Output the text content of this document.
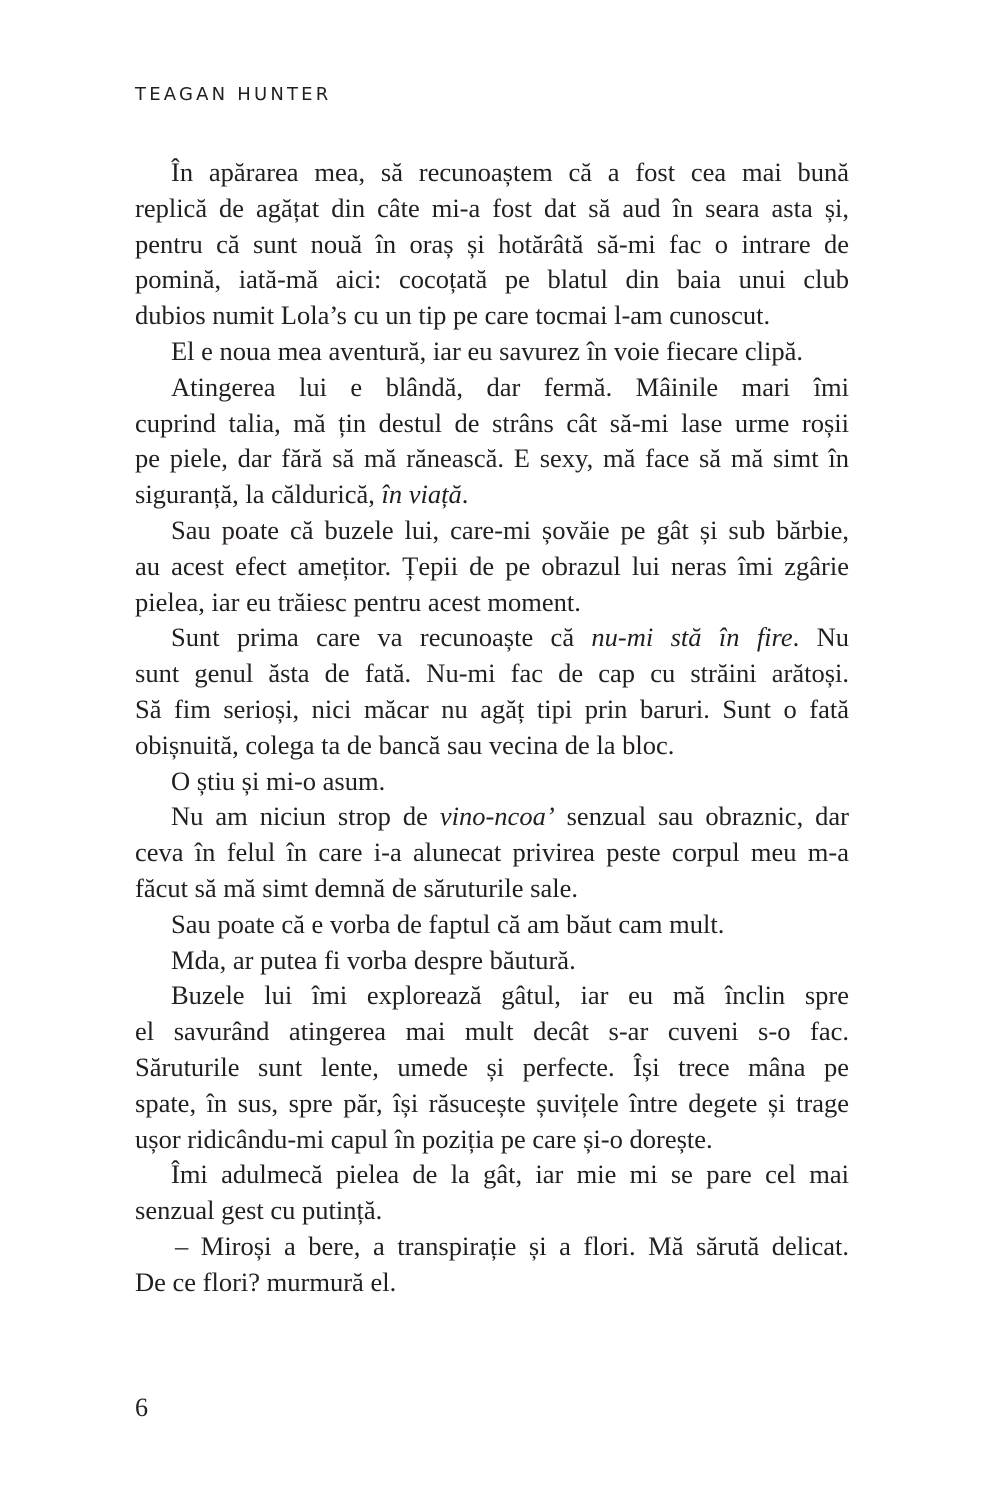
TEAGAN HUNTER
În apărarea mea, să recunoaștem că a fost cea mai bună
replică de agățat din câte mi-a fost dat să aud în seara asta și,
pentru că sunt nouă în oraș și hotărâtă să-mi fac o intrare de
pomină, iată-mă aici: cocoțată pe blatul din baia unui club
dubios numit Lola’s cu un tip pe care tocmai l-am cunoscut.
El e noua mea aventură, iar eu savurez în voie fiecare clipă.
Atingerea lui e blândă, dar fermă. Mâinile mari îmi
cuprind talia, mă țin destul de strâns cât să-mi lase urme roșii
pe piele, dar fără să mă rănească. E sexy, mă face să mă simt în
siguranță, la căldurică, în viață.
Sau poate că buzele lui, care-mi șovăie pe gât și sub bărbie,
au acest efect amețitor. Țepii de pe obrazul lui neras îmi zgârie
pielea, iar eu trăiesc pentru acest moment.
Sunt prima care va recunoaște că nu-mi stă în fire. Nu
sunt genul ăsta de fată. Nu-mi fac de cap cu străini arătoși.
Să fim serioși, nici măcar nu agăț tipi prin baruri. Sunt o fată
obișnuită, colega ta de bancă sau vecina de la bloc.
O știu și mi-o asum.
Nu am niciun strop de vino-ncoa’ senzual sau obraznic, dar
ceva în felul în care i-a alunecat privirea peste corpul meu m-a
făcut să mă simt demnă de săruturile sale.
Sau poate că e vorba de faptul că am băut cam mult.
Mda, ar putea fi vorba despre băutură.
Buzele lui îmi explorează gâtul, iar eu mă înclin spre
el savurând atingerea mai mult decât s-ar cuveni s-o fac.
Săruturile sunt lente, umede și perfecte. Își trece mâna pe
spate, în sus, spre păr, își răsucește șuvițele între degete și trage
ușor ridicându-mi capul în poziția pe care și-o dorește.
Îmi adulmecă pielea de la gât, iar mie mi se pare cel mai
senzual gest cu putință.
– Miroși a bere, a transpirație și a flori. Mă sărută delicat.
De ce flori? murmură el.
6
